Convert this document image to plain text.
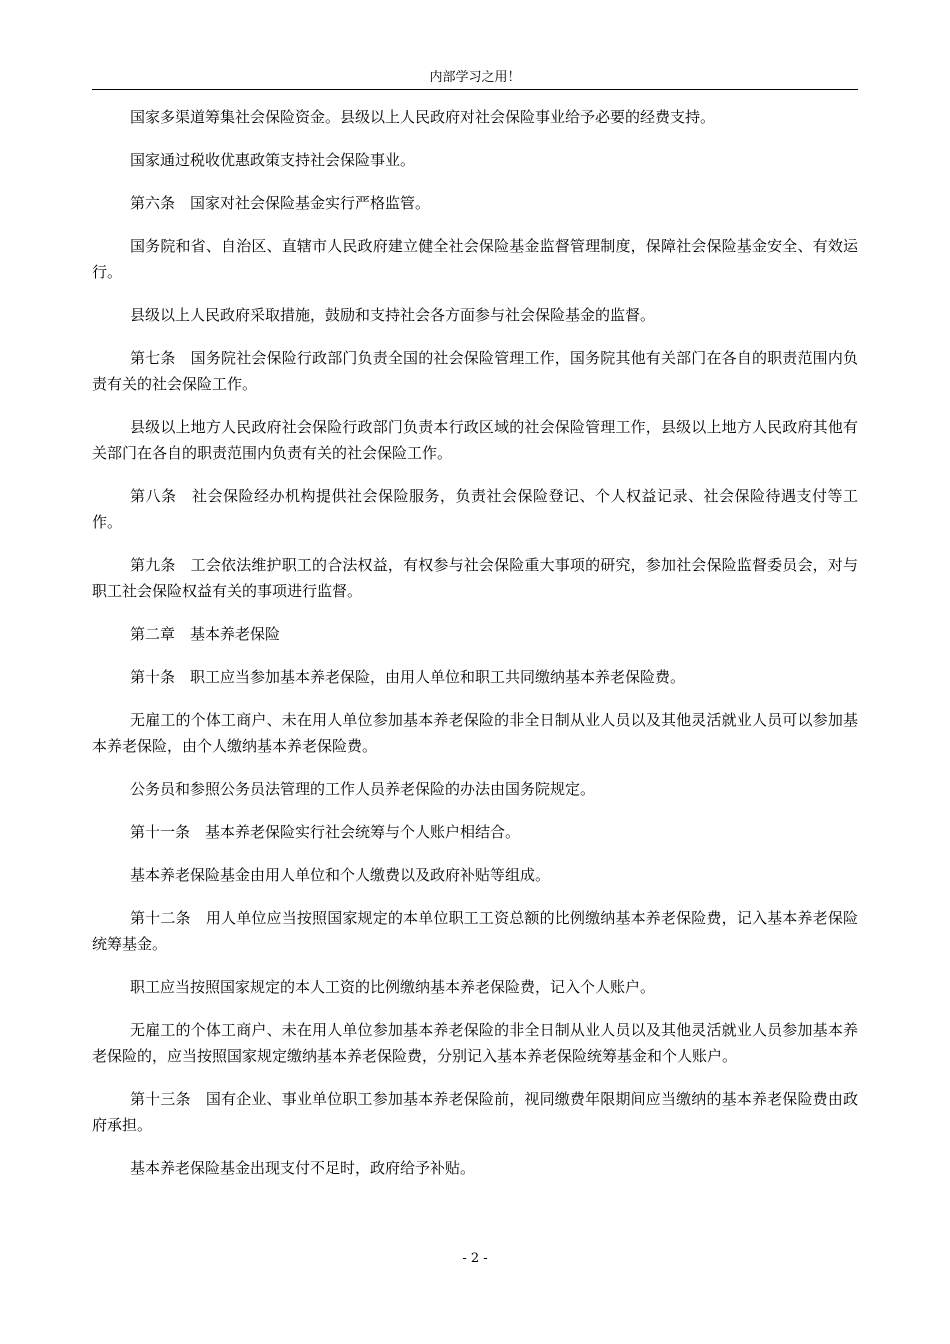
内部学习之用！

国家多渠道筹集社会保险资金。县级以上人民政府对社会保险事业给予必要的经费支持。

国家通过税收优惠政策支持社会保险事业。

第六条　国家对社会保险基金实行严格监管。

国务院和省、自治区、直辖市人民政府建立健全社会保险基金监督管理制度，保障社会保险基金安全、有效运行。

县级以上人民政府采取措施，鼓励和支持社会各方面参与社会保险基金的监督。

第七条　国务院社会保险行政部门负责全国的社会保险管理工作，国务院其他有关部门在各自的职责范围内负责有关的社会保险工作。

县级以上地方人民政府社会保险行政部门负责本行政区域的社会保险管理工作，县级以上地方人民政府其他有关部门在各自的职责范围内负责有关的社会保险工作。

第八条　社会保险经办机构提供社会保险服务，负责社会保险登记、个人权益记录、社会保险待遇支付等工作。

第九条　工会依法维护职工的合法权益，有权参与社会保险重大事项的研究，参加社会保险监督委员会，对与职工社会保险权益有关的事项进行监督。

第二章　基本养老保险

第十条　职工应当参加基本养老保险，由用人单位和职工共同缴纳基本养老保险费。

无雇工的个体工商户、未在用人单位参加基本养老保险的非全日制从业人员以及其他灵活就业人员可以参加基本养老保险，由个人缴纳基本养老保险费。

公务员和参照公务员法管理的工作人员养老保险的办法由国务院规定。

第十一条　基本养老保险实行社会统筹与个人账户相结合。

基本养老保险基金由用人单位和个人缴费以及政府补贴等组成。

第十二条　用人单位应当按照国家规定的本单位职工工资总额的比例缴纳基本养老保险费，记入基本养老保险统筹基金。

职工应当按照国家规定的本人工资的比例缴纳基本养老保险费，记入个人账户。

无雇工的个体工商户、未在用人单位参加基本养老保险的非全日制从业人员以及其他灵活就业人员参加基本养老保险的，应当按照国家规定缴纳基本养老保险费，分别记入基本养老保险统筹基金和个人账户。

第十三条　国有企业、事业单位职工参加基本养老保险前，视同缴费年限期间应当缴纳的基本养老保险费由政府承担。

基本养老保险基金出现支付不足时，政府给予补贴。

- 2 -
